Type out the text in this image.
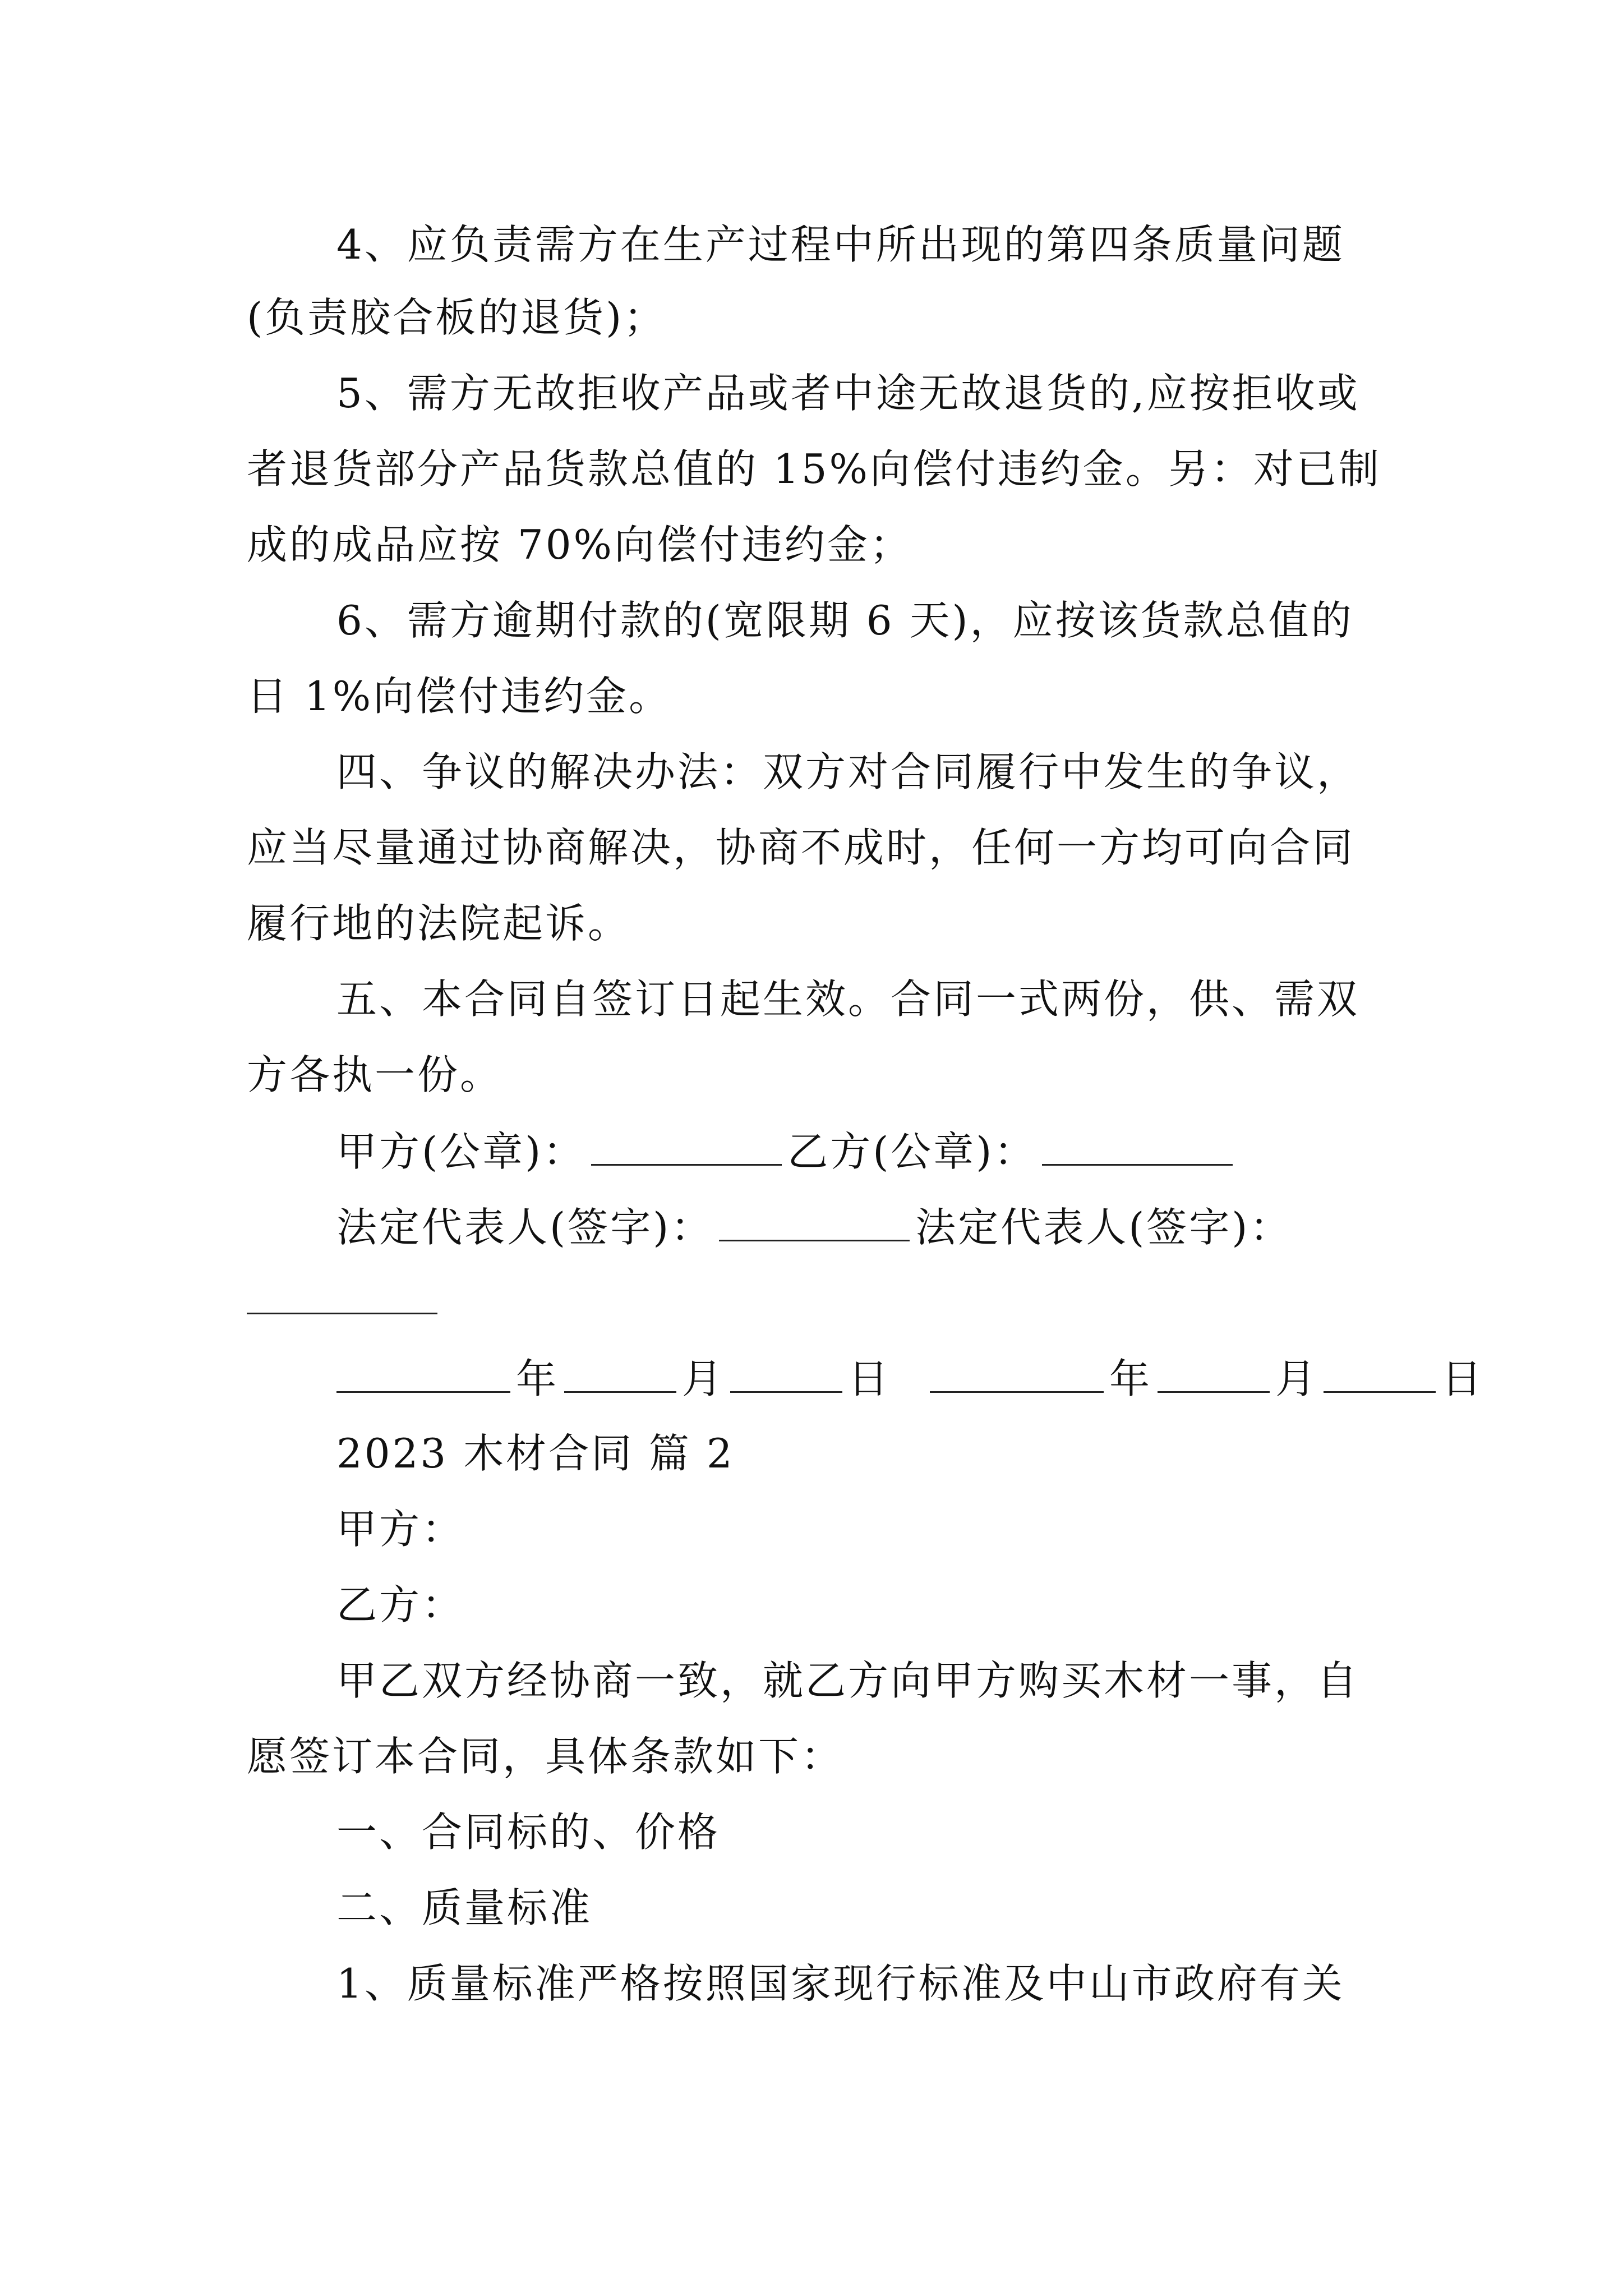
4、应负责需方在生产过程中所出现的第四条质量问题
(负责胶合板的退货)；
5、需方无故拒收产品或者中途无故退货的,应按拒收或
者退货部分产品货款总值的 15%向偿付违约金。另：对已制
成的成品应按 70%向偿付违约金；
6、需方逾期付款的(宽限期 6 天)，应按该货款总值的
日 1%向偿付违约金。
四、争议的解决办法：双方对合同履行中发生的争议，
应当尽量通过协商解决，协商不成时，任何一方均可向合同
履行地的法院起诉。
五、本合同自签订日起生效。合同一式两份，供、需双
方各执一份。
甲方(公章)：	乙方(公章)：
法定代表人(签字)：	法定代表人(签字)：
年	月	日	年	月	日
2023 木材合同 篇 2
甲方：
乙方：
甲乙双方经协商一致，就乙方向甲方购买木材一事，自
愿签订本合同，具体条款如下：
一、合同标的、价格
二、质量标准
1、质量标准严格按照国家现行标准及中山市政府有关
